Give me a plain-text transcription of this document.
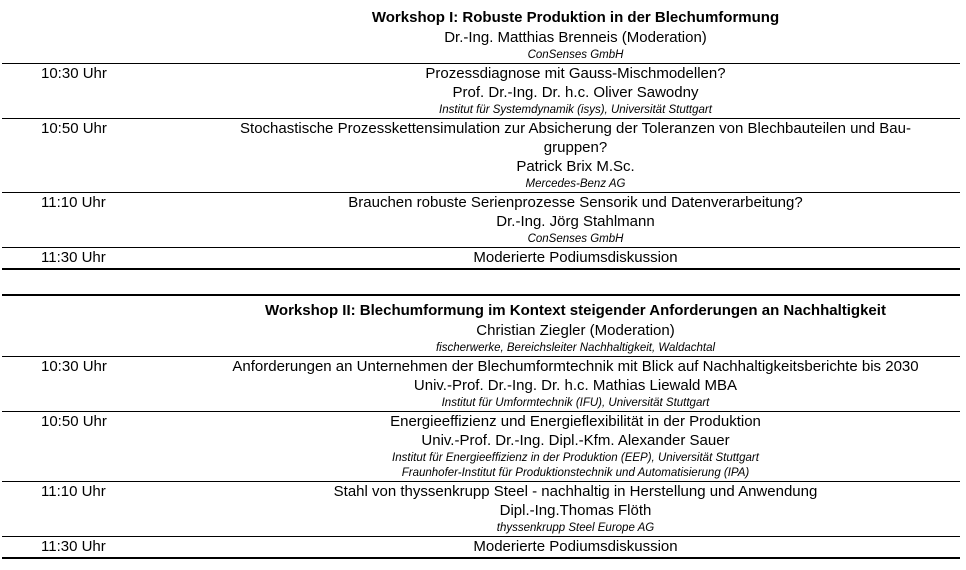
	Workshop I: Robuste Produktion in der Blechumformung
Dr.-Ing. Matthias Brenneis (Moderation)
ConSenses GmbH

10:30 Uhr	Prozessdiagnose mit Gauss-Mischmodellen?
Prof. Dr.-Ing. Dr. h.c. Oliver Sawodny
Institut für Systemdynamik (isys), Universität Stuttgart

10:50 Uhr	Stochastische Prozesskettensimulation zur Absicherung der Toleranzen von Blechbauteilen und Bau-
gruppen?
Patrick Brix M.Sc.
Mercedes-Benz AG

11:10 Uhr	Brauchen robuste Serienprozesse Sensorik und Datenverarbeitung?
Dr.-Ing. Jörg Stahlmann
ConSenses GmbH

11:30 Uhr	Moderierte Podiumsdiskussion

	Workshop II: Blechumformung im Kontext steigender Anforderungen an Nachhaltigkeit
Christian Ziegler (Moderation)
fischerwerke, Bereichsleiter Nachhaltigkeit, Waldachtal

10:30 Uhr	Anforderungen an Unternehmen der Blechumformtechnik mit Blick auf Nachhaltigkeitsberichte bis 2030
Univ.-Prof. Dr.-Ing. Dr. h.c. Mathias Liewald MBA
Institut für Umformtechnik (IFU), Universität Stuttgart

10:50 Uhr	Energieeffizienz und Energieflexibilität in der Produktion
Univ.-Prof. Dr.-Ing. Dipl.-Kfm. Alexander Sauer
Institut für Energieeffizienz in der Produktion (EEP), Universität Stuttgart
Fraunhofer-Institut für Produktionstechnik und Automatisierung (IPA)

11:10 Uhr	Stahl von thyssenkrupp Steel - nachhaltig in Herstellung und Anwendung
Dipl.-Ing.Thomas Flöth
thyssenkrupp Steel Europe AG

11:30 Uhr	Moderierte Podiumsdiskussion
